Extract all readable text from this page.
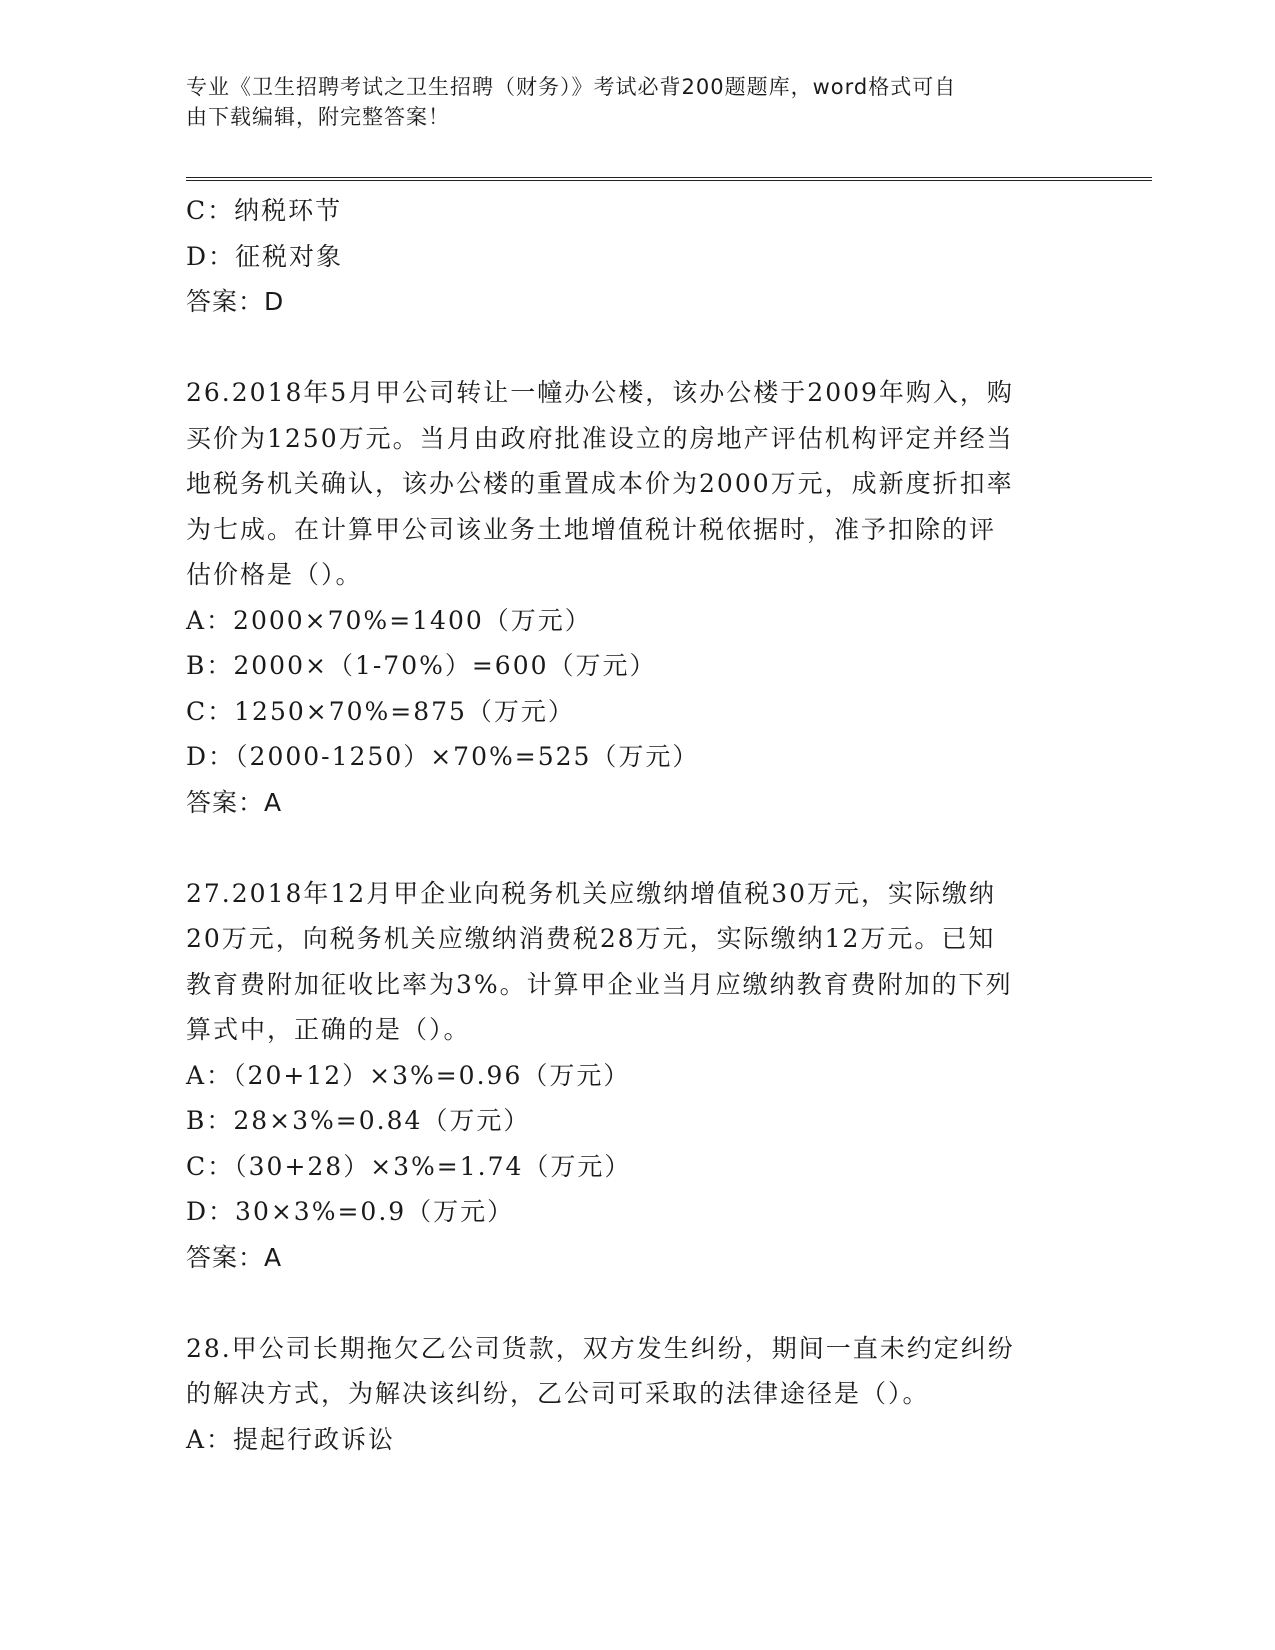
专业《卫生招聘考试之卫生招聘（财务）》考试必背200题题库，word格式可自
由下载编辑，附完整答案！
C：纳税环节
D：征税对象
答案：D
26.2018年5月甲公司转让一幢办公楼，该办公楼于2009年购入，购
买价为1250万元。当月由政府批准设立的房地产评估机构评定并经当
地税务机关确认，该办公楼的重置成本价为2000万元，成新度折扣率
为七成。在计算甲公司该业务土地增值税计税依据时，准予扣除的评
估价格是（）。
A：2000×70%=1400（万元）
B：2000×（1-70%）=600（万元）
C：1250×70%=875（万元）
D：（2000-1250）×70%=525（万元）
答案：A
27.2018年12月甲企业向税务机关应缴纳增值税30万元，实际缴纳
20万元，向税务机关应缴纳消费税28万元，实际缴纳12万元。已知
教育费附加征收比率为3%。计算甲企业当月应缴纳教育费附加的下列
算式中，正确的是（）。
A：（20+12）×3%=0.96（万元）
B：28×3%=0.84（万元）
C：（30+28）×3%=1.74（万元）
D：30×3%=0.9（万元）
答案：A
28.甲公司长期拖欠乙公司货款，双方发生纠纷，期间一直未约定纠纷
的解决方式，为解决该纠纷，乙公司可采取的法律途径是（）。
A：提起行政诉讼
